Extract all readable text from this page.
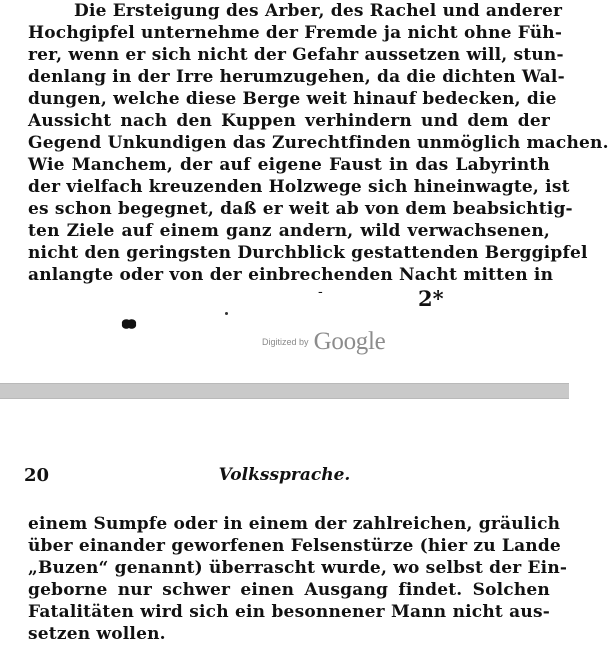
Die Ersteigung des Arber, des Rachel und anderer
Hochgipfel unternehme der Fremde ja nicht ohne Füh-
rer, wenn er sich nicht der Gefahr aussetzen will, stun-
denlang in der Irre herumzugehen, da die dichten Wal-
dungen, welche diese Berge weit hinauf bedecken, die
Aussicht nach den Kuppen verhindern und dem der
Gegend Unkundigen das Zurechtfinden unmöglich machen.
Wie Manchem, der auf eigene Faust in das Labyrinth
der vielfach kreuzenden Holzwege sich hineinwagte, ist
es schon begegnet, daß er weit ab von dem beabsichtig-
ten Ziele auf einem ganz andern, wild verwachsenen,
nicht den geringsten Durchblick gestattenden Berggipfel
anlangte oder von der einbrechenden Nacht mitten in
-	2*
Digitized by Google
20	Volkssprache.
einem Sumpfe oder in einem der zahlreichen, gräulich
über einander geworfenen Felsenstürze (hier zu Lande
„Buzen“ genannt) überrascht wurde, wo selbst der Ein-
geborne nur schwer einen Ausgang findet. Solchen
Fatalitäten wird sich ein besonnener Mann nicht aus-
setzen wollen.
